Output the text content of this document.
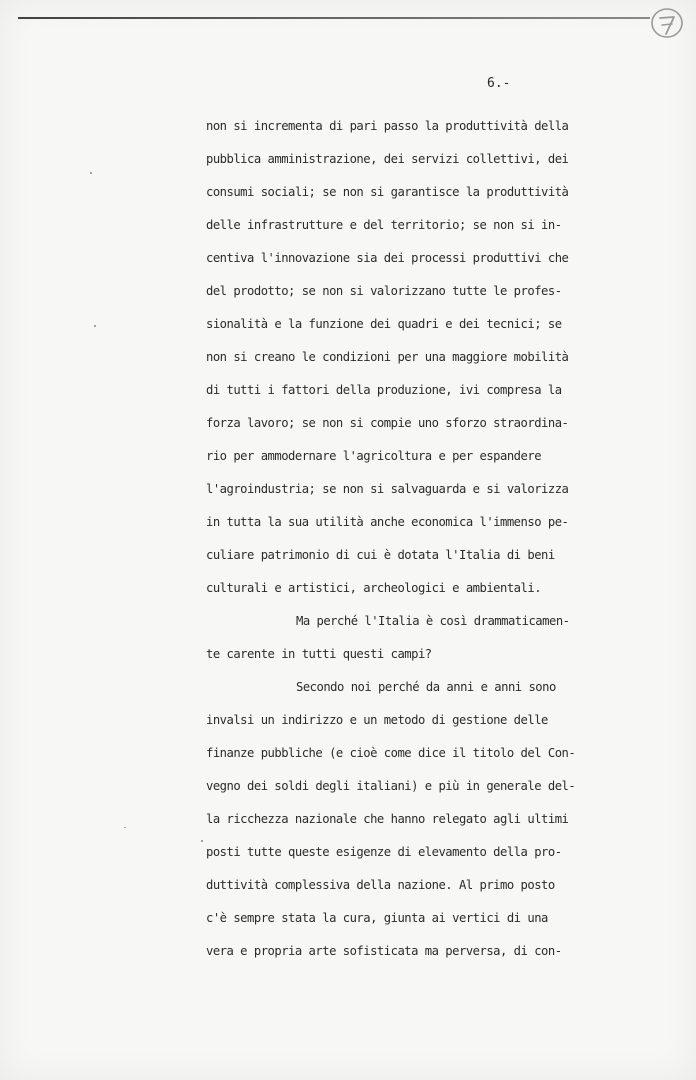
6.-
non si incrementa di pari passo la produttività della
pubblica amministrazione, dei servizi collettivi, dei
consumi sociali; se non si garantisce la produttività
delle infrastrutture e del territorio; se non si in-
centiva l'innovazione sia dei processi produttivi che
del prodotto; se non si valorizzano tutte le profes-
sionalità e la funzione dei quadri e dei tecnici; se
non si creano le condizioni per una maggiore mobilità
di tutti i fattori della produzione, ivi compresa la
forza lavoro; se non si compie uno sforzo straordina-
rio per ammodernare l'agricoltura e per espandere
l'agroindustria; se non si salvaguarda e si valorizza
in tutta la sua utilità anche economica l'immenso pe-
culiare patrimonio di cui è dotata l'Italia di beni
culturali e artistici, archeologici e ambientali.
Ma perché l'Italia è così drammaticamen-
te carente in tutti questi campi?
Secondo noi perché da anni e anni sono
invalsi un indirizzo e un metodo di gestione delle
finanze pubbliche (e cioè come dice il titolo del Con-
vegno dei soldi degli italiani) e più in generale del-
la ricchezza nazionale che hanno relegato agli ultimi
posti tutte queste esigenze di elevamento della pro-
duttività complessiva della nazione. Al primo posto
c'è sempre stata la cura, giunta ai vertici di una
vera e propria arte sofisticata ma perversa, di con-
